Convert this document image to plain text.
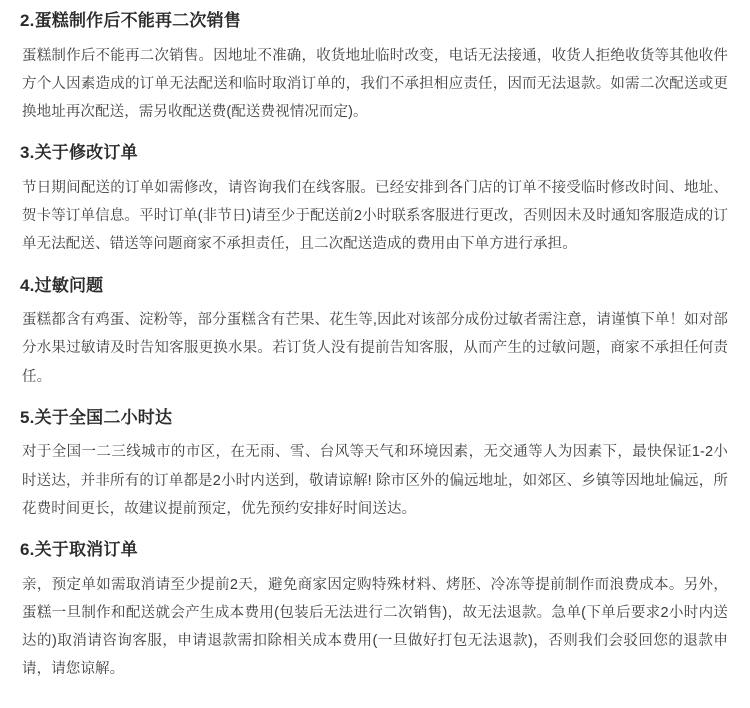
2.蛋糕制作后不能再二次销售
蛋糕制作后不能再二次销售。因地址不准确，收货地址临时改变，电话无法接通，收货人拒绝收货等其他收件方个人因素造成的订单无法配送和临时取消订单的，我们不承担相应责任，因而无法退款。如需二次配送或更换地址再次配送，需另收配送费(配送费视情况而定)。
3.关于修改订单
节日期间配送的订单如需修改，请咨询我们在线客服。已经安排到各门店的订单不接受临时修改时间、地址、贺卡等订单信息。平时订单(非节日)请至少于配送前2小时联系客服进行更改，否则因未及时通知客服造成的订单无法配送、错送等问题商家不承担责任，且二次配送造成的费用由下单方进行承担。
4.过敏问题
蛋糕都含有鸡蛋、淀粉等，部分蛋糕含有芒果、花生等,因此对该部分成份过敏者需注意，请谨慎下单！如对部分水果过敏请及时告知客服更换水果。若订货人没有提前告知客服，从而产生的过敏问题，商家不承担任何责任。
5.关于全国二小时达
对于全国一二三线城市的市区，在无雨、雪、台风等天气和环境因素，无交通等人为因素下，最快保证1-2小时送达，并非所有的订单都是2小时内送到，敬请谅解! 除市区外的偏远地址，如郊区、乡镇等因地址偏远，所花费时间更长，故建议提前预定，优先预约安排好时间送达。
6.关于取消订单
亲，预定单如需取消请至少提前2天，避免商家因定购特殊材料、烤胚、冷冻等提前制作而浪费成本。另外，蛋糕一旦制作和配送就会产生成本费用(包装后无法进行二次销售)，故无法退款。急单(下单后要求2小时内送达的)取消请咨询客服，申请退款需扣除相关成本费用(一旦做好打包无法退款)，否则我们会驳回您的退款申请，请您谅解。
